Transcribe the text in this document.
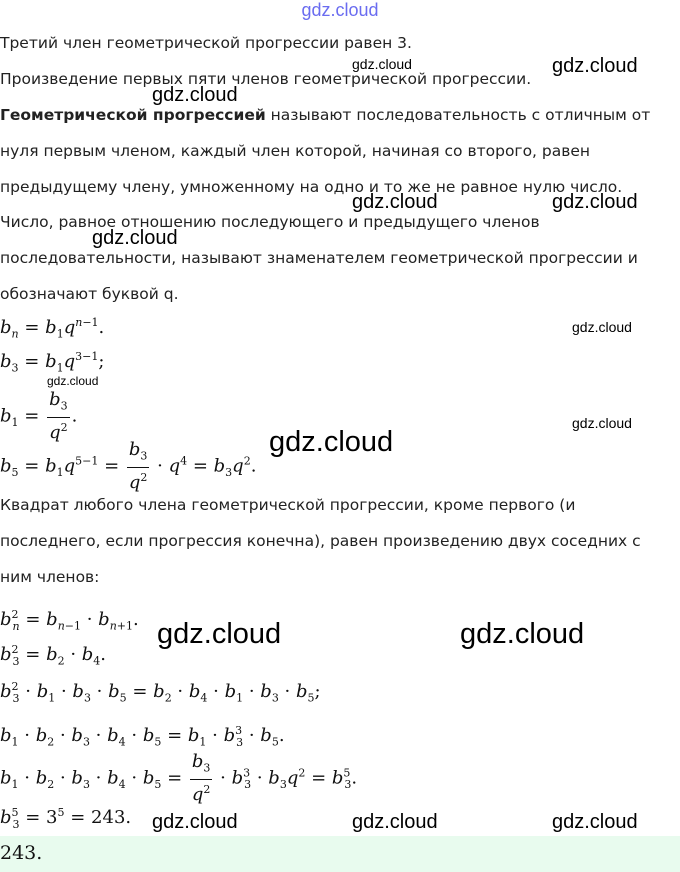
gdz.cloud
Третий член геометрической прогрессии равен 3.
Произведение первых пяти членов геометрической прогрессии.
Геометрической прогрессией называют последовательность с отличным от
нуля первым членом, каждый член которой, начиная со второго, равен
предыдущему члену, умноженному на одно и то же не равное нулю число.
Число, равное отношению последующего и предыдущего членов
последовательности, называют знаменателем геометрической прогрессии и
обозначают буквой q.
$b_n = b_1q^{n-1}$.
$b_3 = b_1q^{3-1}$;
$b_1 = \frac{b_3}{q^2}$ .
$b_5 = b_1q^{5-1} = \frac{b_3}{q^2} \cdot q^4 = b_3q^2$.
Квадрат любого члена геометрической прогрессии, кроме первого (и
последнего, если прогрессия конечна), равен произведению двух соседних с
ним членов:
$b^2_n = b_{n-1} \cdot b_{n+1}$.
$b^2_3 = b_2 \cdot b_4$.
$b^2_3 \cdot b_1 \cdot b_3 \cdot b_5 = b_2 \cdot b_4 \cdot b_1 \cdot b_3 \cdot b_5$;
$b_1 \cdot b_2 \cdot b_3 \cdot b_4 \cdot b_5 = b_1 \cdot b^3_3 \cdot b_5$.
$b_1 \cdot b_2 \cdot b_3 \cdot b_4 \cdot b_5 = \frac{b_3}{q^2} \cdot b^3_3 \cdot b_3q^2 = b^5_3$.
$b^5_3 = 3^5 = 243$.
243.
gdz.cloud	gdz.cloud
gdz.cloud
gdz.cloud	gdz.cloud
gdz.cloud
gdz.cloud
gdz.cloud
gdz.cloud
gdz.cloud
gdz.cloud	gdz.cloud
gdz.cloud	gdz.cloud	gdz.cloud
